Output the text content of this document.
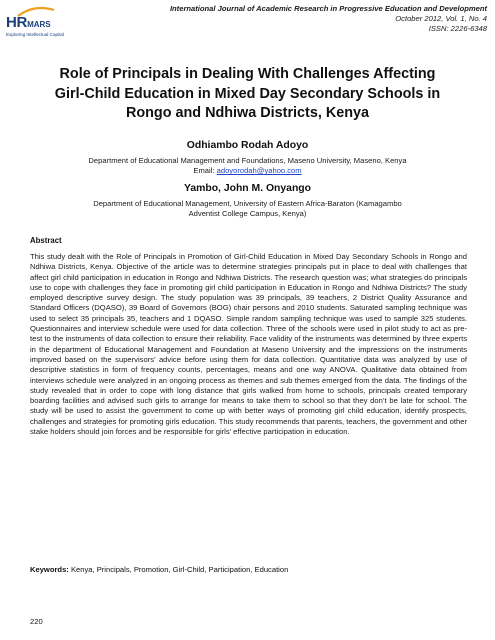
HRMARS
Exploring Intellectual Capital
International Journal of Academic Research in Progressive Education and Development
October 2012, Vol. 1, No. 4
ISSN: 2226-6348
Role of Principals in Dealing With Challenges Affecting
Girl-Child Education in Mixed Day Secondary Schools in
Rongo and Ndhiwa Districts, Kenya
Odhiambo Rodah Adoyo
Department of Educational Management and Foundations, Maseno University, Maseno, Kenya
Email: adoyorodah@yahoo.com
Yambo, John M. Onyango
Department of Educational Management, University of Eastern Africa-Baraton (Kamagambo
Adventist College Campus, Kenya)
Abstract

This study dealt with the Role of Principals in Promotion of Girl-Child Education in Mixed Day Secondary Schools in Rongo and Ndhiwa Districts, Kenya. Objective of the article was to determine strategies principals put in place to deal with challenges that affect girl child participation in education in Rongo and Ndhiwa Districts. The research question was; what strategies do principals use to cope with challenges they face in promoting girl child participation in Education in Rongo and Ndhiwa Districts? The study employed descriptive survey design. The study population was 39 principals, 39 teachers, 2 District Quality Assurance and Standard Officers (DQASO), 39 Board of Governors (BOG) chair persons and 2010 students. Saturated sampling technique was used to select 35 principals 35, teachers and 1 DQASO. Simple random sampling technique was used to sample 325 students. Questionnaires and interview schedule were used for data collection. Three of the schools were used in pilot study to act as pre-test to the instruments of data collection to ensure their reliability. Face validity of the instruments was determined by three experts in the department of Educational Management and Foundation at Maseno University and the impressions on the instruments improved based on the supervisors’ advice before using them for data collection. Quantitative data was analyzed by use of descriptive statistics in form of frequency counts, percentages, means and one way ANOVA. Qualitative data obtained from interviews schedule were analyzed in an ongoing process as themes and sub themes emerged from the data. The findings of the study revealed that in order to cope with long distance that girls walked from home to schools, principals created temporary boarding facilities and advised such girls to arrange for means to take them to school so that they don’t be late for school. The study will be used to assist the government to come up with better ways of promoting girl child education, identify prospects, challenges and strategies for promoting girls education. This study recommends that parents, teachers, the government and other stake holders should join forces and be responsible for girls’ effective participation in education.

Keywords: Kenya, Principals, Promotion, Girl-Child, Participation, Education
220
